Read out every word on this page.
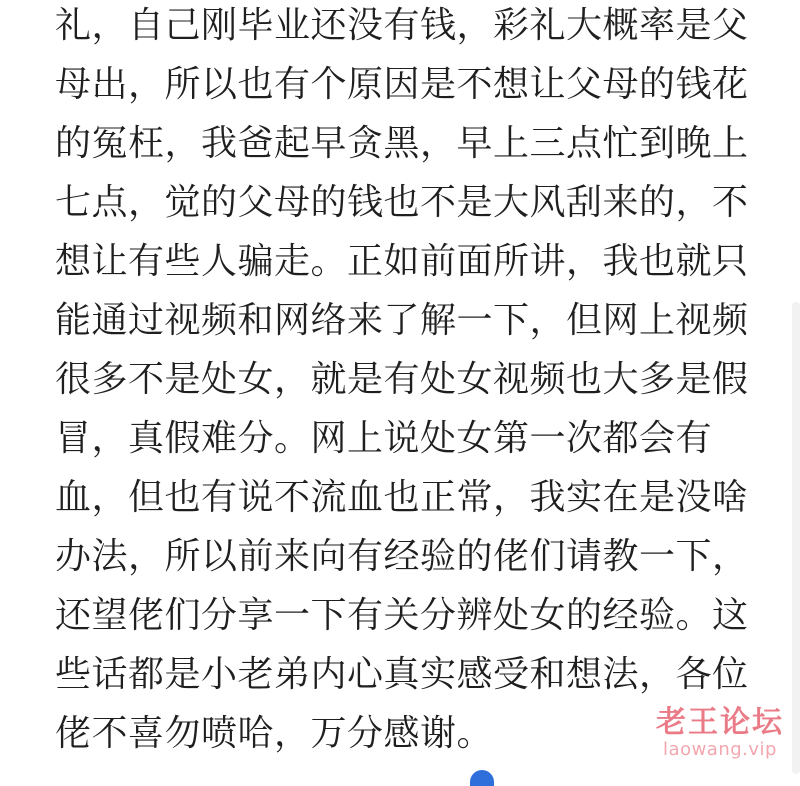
礼，自己刚毕业还没有钱，彩礼大概率是父
母出，所以也有个原因是不想让父母的钱花
的冤枉，我爸起早贪黑，早上三点忙到晚上
七点，觉的父母的钱也不是大风刮来的，不
想让有些人骗走。正如前面所讲，我也就只
能通过视频和网络来了解一下，但网上视频
很多不是处女，就是有处女视频也大多是假
冒，真假难分。网上说处女第一次都会有
血，但也有说不流血也正常，我实在是没啥
办法，所以前来向有经验的佬们请教一下，
还望佬们分享一下有关分辨处女的经验。这
些话都是小老弟内心真实感受和想法，各位
佬不喜勿喷哈，万分感谢。	老王论坛
laowang.vip
